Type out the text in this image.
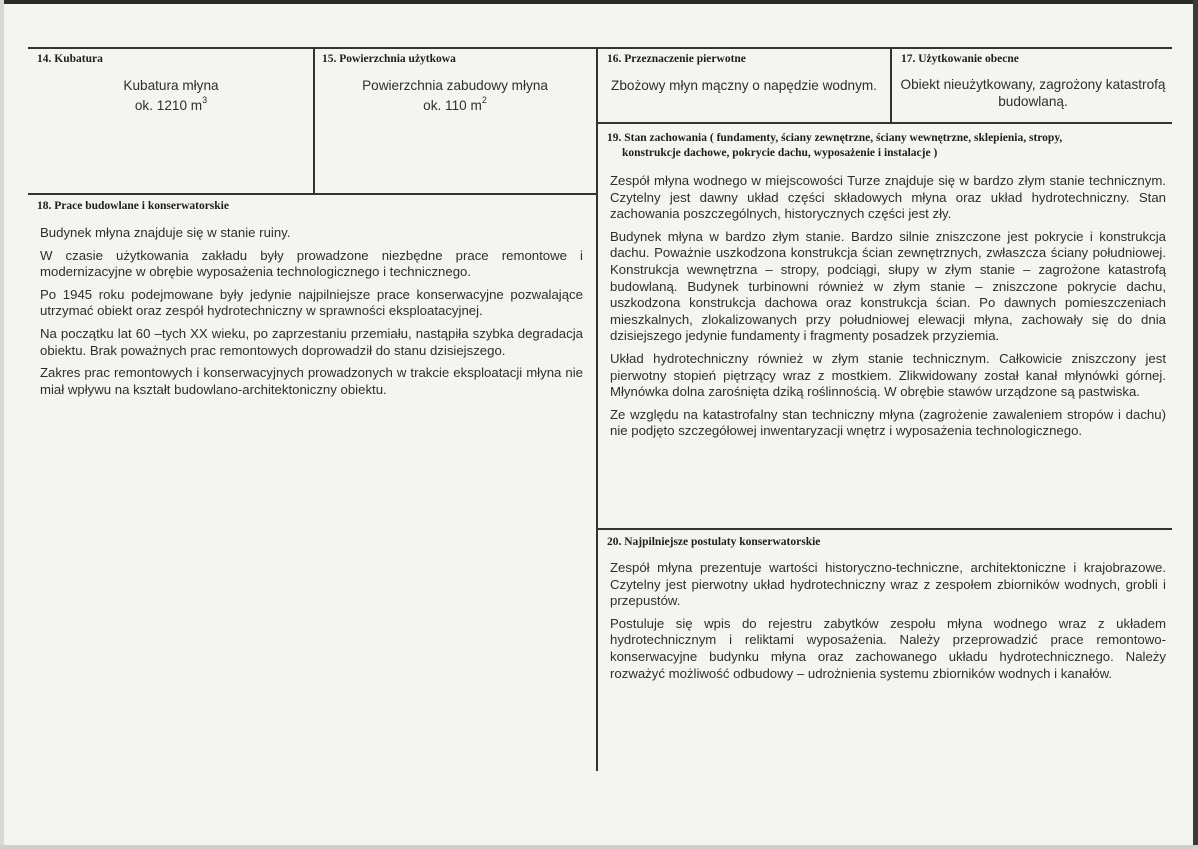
14. Kubatura
Kubatura młyna
ok. 1210 $m^3$
15. Powierzchnia użytkowa
Powierzchnia zabudowy młyna
ok. 110 $m^2$
16. Przeznaczenie pierwotne
Zbożowy młyn mączny o napędzie wodnym.
17. Użytkowanie obecne
Obiekt nieużytkowany, zagrożony katastrofą
budowlaną.
18. Prace budowlane i konserwatorskie

Budynek młyna znajduje się w stanie ruiny.

W czasie użytkowania zakładu były prowadzone niezbędne prace remontowe i modernizacyjne w obrębie wyposażenia technologicznego i technicznego.

Po 1945 roku podejmowane były jedynie najpilniejsze prace konserwacyjne pozwalające utrzymać obiekt oraz zespół hydrotechniczny w sprawności eksploatacyjnej.

Na początku lat 60 –tych XX wieku, po zaprzestaniu przemiału, nastąpiła szybka degradacja obiektu. Brak poważnych prac remontowych doprowadził do stanu dzisiejszego.

Zakres prac remontowych i konserwacyjnych prowadzonych w trakcie eksploatacji młyna nie miał wpływu na kształt budowlano-architektoniczny obiektu.

19. Stan zachowania ( fundamenty, ściany zewnętrzne, ściany wewnętrzne, sklepienia, stropy,
konstrukcje dachowe, pokrycie dachu, wyposażenie i instalacje )

Zespół młyna wodnego w miejscowości Turze znajduje się w bardzo złym stanie technicznym. Czytelny jest dawny układ części składowych młyna oraz układ hydrotechniczny. Stan zachowania poszczególnych, historycznych części jest zły.

Budynek młyna w bardzo złym stanie. Bardzo silnie zniszczone jest pokrycie i konstrukcja dachu. Poważnie uszkodzona konstrukcja ścian zewnętrznych, zwłaszcza ściany południowej. Konstrukcja wewnętrzna – stropy, podciągi, słupy w złym stanie – zagrożone katastrofą budowlaną. Budynek turbinowni również w złym stanie – zniszczone pokrycie dachu, uszkodzona konstrukcja dachowa oraz konstrukcja ścian. Po dawnych pomieszczeniach mieszkalnych, zlokalizowanych przy południowej elewacji młyna, zachowały się do dnia dzisiejszego jedynie fundamenty i fragmenty posadzek przyziemia.

Układ hydrotechniczny również w złym stanie technicznym. Całkowicie zniszczony jest pierwotny stopień piętrzący wraz z mostkiem. Zlikwidowany został kanał młynówki górnej. Młynówka dolna zarośnięta dziką roślinnością. W obrębie stawów urządzone są pastwiska.

Ze względu na katastrofalny stan techniczny młyna (zagrożenie zawaleniem stropów i dachu) nie podjęto szczegółowej inwentaryzacji wnętrz i wyposażenia technologicznego.

20. Najpilniejsze postulaty konserwatorskie

Zespół młyna prezentuje wartości historyczno-techniczne, architektoniczne i krajobrazowe. Czytelny jest pierwotny układ hydrotechniczny wraz z zespołem zbiorników wodnych, grobli i przepustów.

Postuluje się wpis do rejestru zabytków zespołu młyna wodnego wraz z układem hydrotechnicznym i reliktami wyposażenia. Należy przeprowadzić prace remontowo-konserwacyjne budynku młyna oraz zachowanego układu hydrotechnicznego. Należy rozważyć możliwość odbudowy – udrożnienia systemu zbiorników wodnych i kanałów.
